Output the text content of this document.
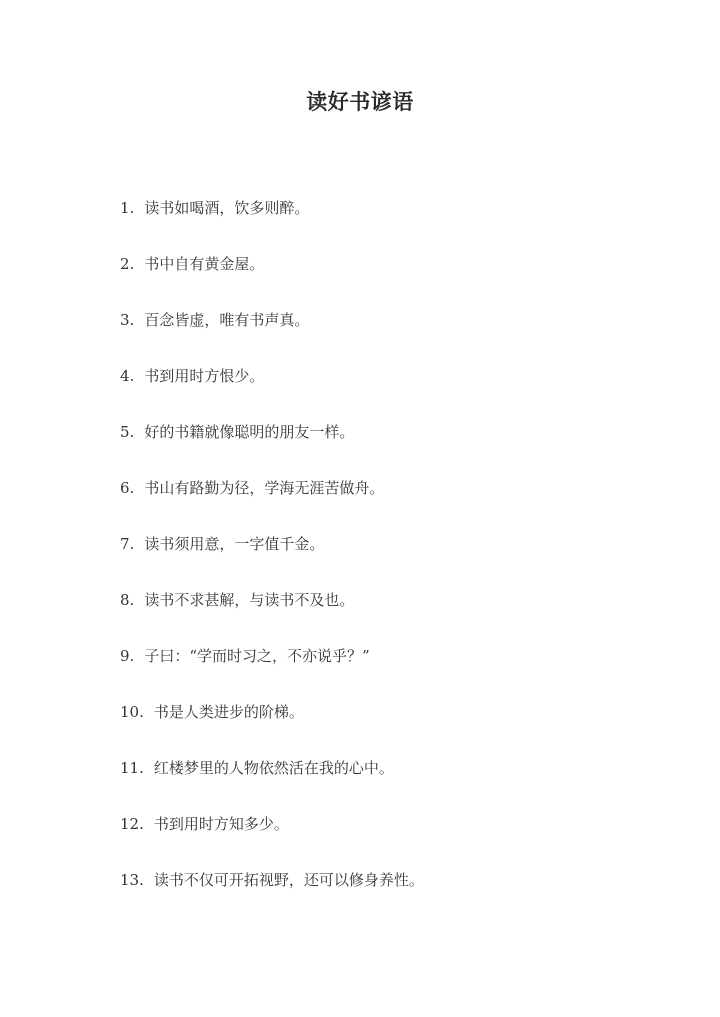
读好书谚语
1. 读书如喝酒，饮多则醉。
2. 书中自有黄金屋。
3. 百念皆虚，唯有书声真。
4. 书到用时方恨少。
5. 好的书籍就像聪明的朋友一样。
6. 书山有路勤为径，学海无涯苦做舟。
7. 读书须用意，一字值千金。
8. 读书不求甚解，与读书不及也。
9. 子曰：“学而时习之，不亦说乎？”
10. 书是人类进步的阶梯。
11. 红楼梦里的人物依然活在我的心中。
12. 书到用时方知多少。
13. 读书不仅可开拓视野，还可以修身养性。
